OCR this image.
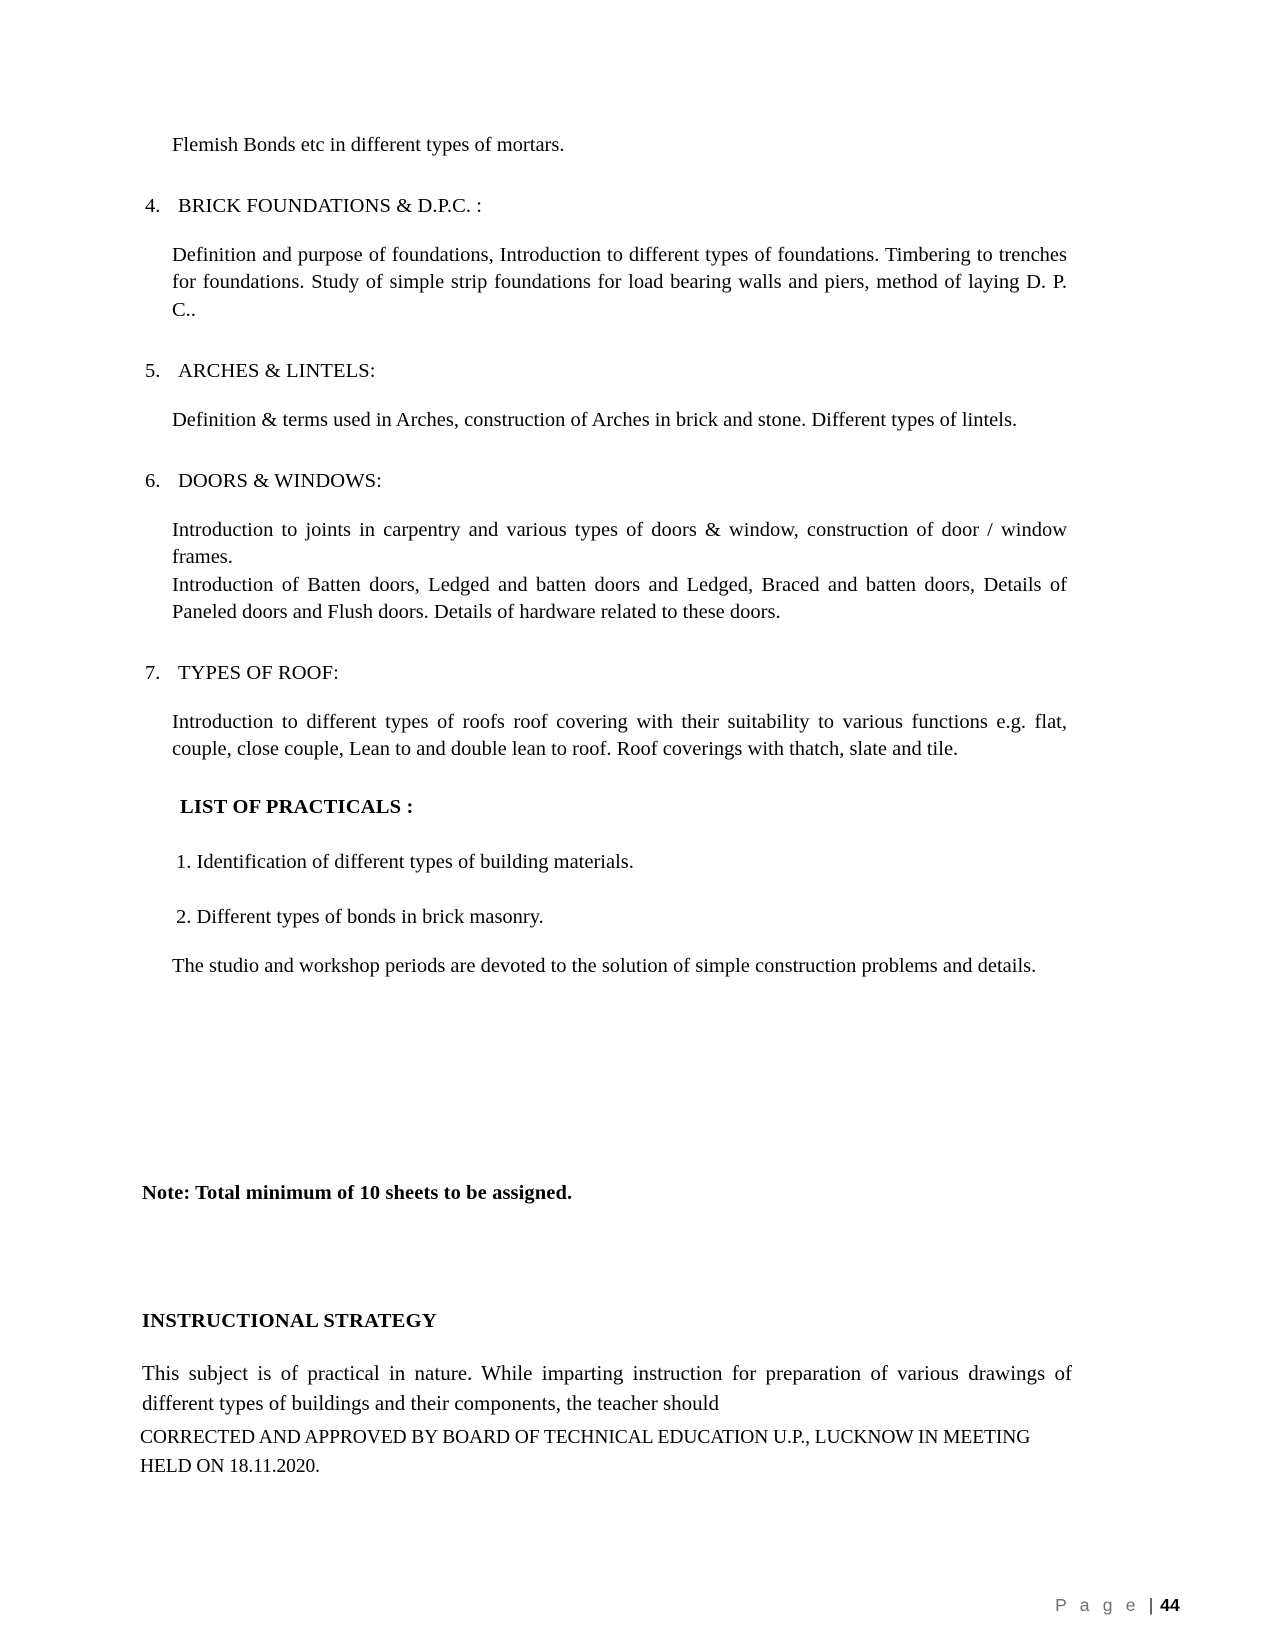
Flemish Bonds etc in different types of mortars.

4. BRICK FOUNDATIONS & D.P.C. :

Definition and purpose of foundations, Introduction to different types of foundations. Timbering to trenches for foundations. Study of simple strip foundations for load bearing walls and piers, method of laying D. P. C..

5. ARCHES & LINTELS:

Definition & terms used in Arches, construction of Arches in brick and stone. Different types of lintels.

6. DOORS & WINDOWS:

Introduction to joints in carpentry and various types of doors & window, construction of door / window frames.

Introduction of Batten doors, Ledged and batten doors and Ledged, Braced and batten doors, Details of Paneled doors and Flush doors. Details of hardware related to these doors.

7. TYPES OF ROOF:

Introduction to different types of roofs roof covering with their suitability to various functions e.g. flat, couple, close couple, Lean to and double lean to roof. Roof coverings with thatch, slate and tile.

LIST OF PRACTICALS :

1. Identification of different types of building materials.

2. Different types of bonds in brick masonry.

The studio and workshop periods are devoted to the solution of simple construction problems and details.

Note: Total minimum of 10 sheets to be assigned.

INSTRUCTIONAL STRATEGY

This subject is of practical in nature. While imparting instruction for preparation of various drawings of different types of buildings and their components, the teacher should

CORRECTED AND APPROVED BY BOARD OF TECHNICAL EDUCATION U.P., LUCKNOW IN MEETING HELD ON 18.11.2020.
P a g e | 44
